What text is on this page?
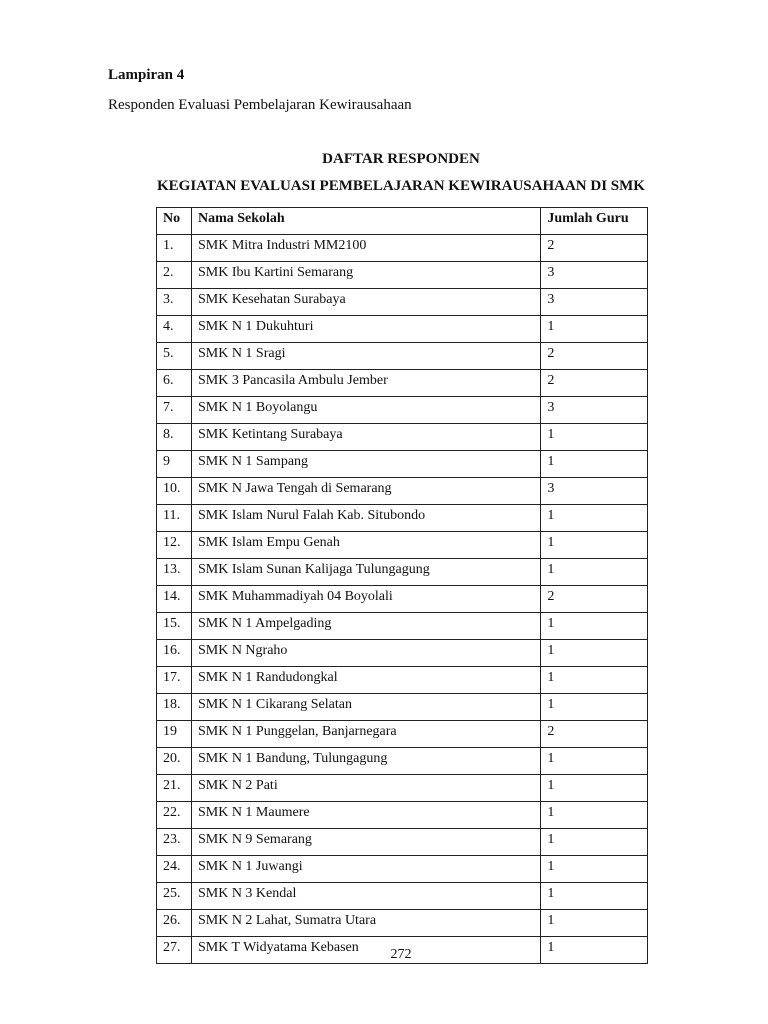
Lampiran 4
Responden Evaluasi Pembelajaran Kewirausahaan
DAFTAR RESPONDEN
KEGIATAN EVALUASI PEMBELAJARAN KEWIRAUSAHAAN DI SMK
No	Nama Sekolah	Jumlah Guru
1.	SMK Mitra Industri MM2100	2
2.	SMK Ibu Kartini Semarang	3
3.	SMK Kesehatan Surabaya	3
4.	SMK N 1 Dukuhturi	1
5.	SMK N 1 Sragi	2
6.	SMK 3 Pancasila Ambulu Jember	2
7.	SMK N 1 Boyolangu	3
8.	SMK Ketintang Surabaya	1
9	SMK N 1 Sampang	1
10.	SMK N Jawa Tengah di Semarang	3
11.	SMK Islam Nurul Falah Kab. Situbondo	1
12.	SMK Islam Empu Genah	1
13.	SMK Islam Sunan Kalijaga Tulungagung	1
14.	SMK Muhammadiyah 04 Boyolali	2
15.	SMK N 1 Ampelgading	1
16.	SMK N Ngraho	1
17.	SMK N 1 Randudongkal	1
18.	SMK N 1 Cikarang Selatan	1
19	SMK N 1 Punggelan, Banjarnegara	2
20.	SMK N 1 Bandung, Tulungagung	1
21.	SMK N 2 Pati	1
22.	SMK N 1 Maumere	1
23.	SMK N 9 Semarang	1
24.	SMK N 1 Juwangi	1
25.	SMK N 3 Kendal	1
26.	SMK N 2 Lahat, Sumatra Utara	1
27.	SMK T Widyatama Kebasen	1
272
